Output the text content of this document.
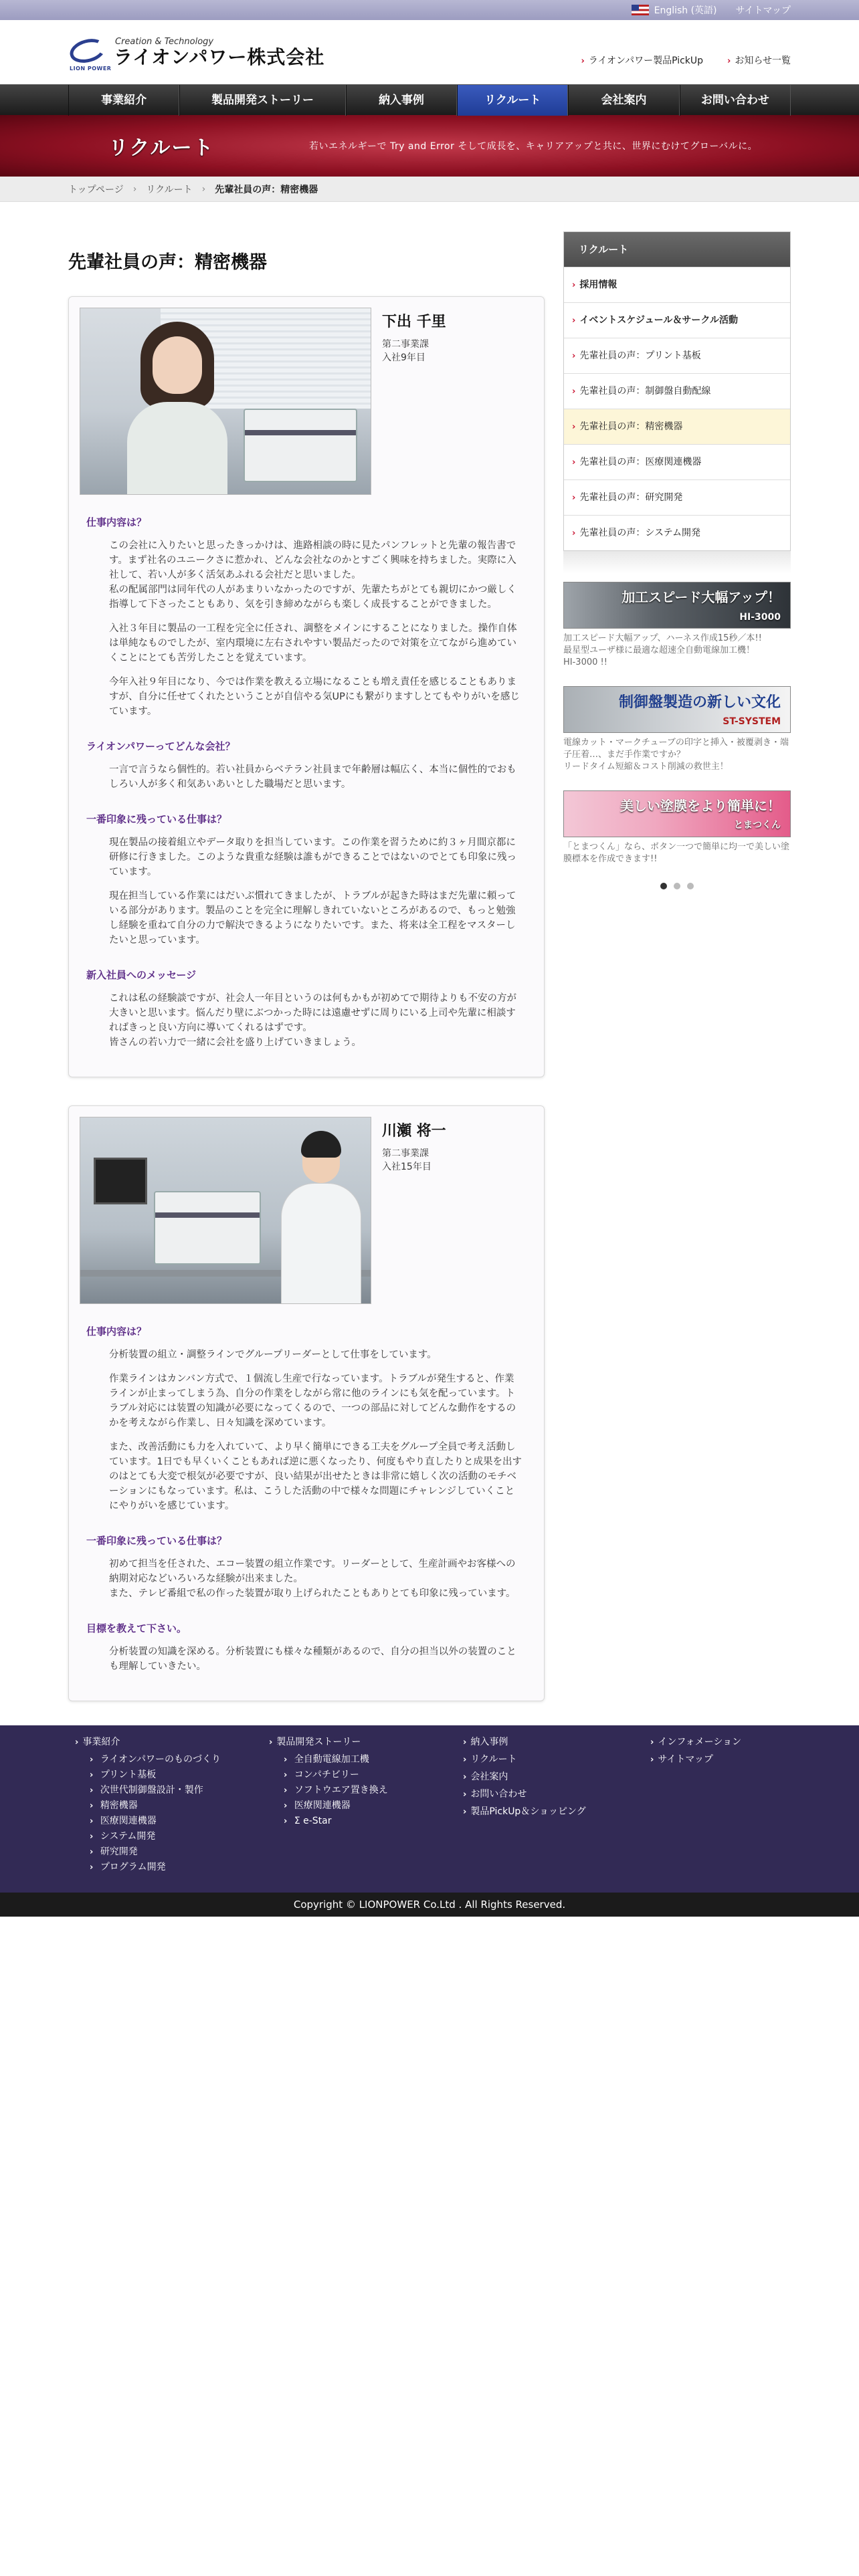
English (英語) サイトマップ
LION POWER
Creation & Technology
ライオンパワー株式会社	› ライオンパワー製品PickUp	› お知らせ一覧
事業紹介	製品開発ストーリー	納入事例	リクルート	会社案内	お問い合わせ
リクルート	若いエネルギーで Try and Error そして成長を、キャリアアップと共に、世界にむけてグローバルに。

トップページ › リクルート › 先輩社員の声：精密機器
先輩社員の声：精密機器
下出 千里
第二事業課
入社9年目
仕事内容は？

この会社に入りたいと思ったきっかけは、進路相談の時に見たパンフレットと先輩の報告書です。まず社名のユニークさに惹かれ、どんな会社なのかとすごく興味を持ちました。実際に入社して、若い人が多く活気あふれる会社だと思いました。
私の配属部門は同年代の人があまりいなかったのですが、先輩たちがとても親切にかつ厳しく指導して下さったこともあり、気を引き締めながらも楽しく成長することができました。

入社３年目に製品の一工程を完全に任され、調整をメインにすることになりました。操作自体は単純なものでしたが、室内環境に左右されやすい製品だったので対策を立てながら進めていくことにとても苦労したことを覚えています。

今年入社９年目になり、今では作業を教える立場になることも増え責任を感じることもありますが、自分に任せてくれたということが自信やる気UPにも繋がりますしとてもやりがいを感じています。

ライオンパワーってどんな会社？

一言で言うなら個性的。若い社員からベテラン社員まで年齢層は幅広く、本当に個性的でおもしろい人が多く和気あいあいとした職場だと思います。

一番印象に残っている仕事は？

現在製品の接着組立やデータ取りを担当しています。この作業を習うために約３ヶ月間京都に研修に行きました。このような貴重な経験は誰もができることではないのでとても印象に残っています。

現在担当している作業にはだいぶ慣れてきましたが、トラブルが起きた時はまだ先輩に頼っている部分があります。製品のことを完全に理解しきれていないところがあるので、もっと勉強し経験を重ねて自分の力で解決できるようになりたいです。また、将来は全工程をマスターしたいと思っています。

新入社員へのメッセージ

これは私の経験談ですが、社会人一年目というのは何もかもが初めてで期待よりも不安の方が大きいと思います。悩んだり壁にぶつかった時には遠慮せずに周りにいる上司や先輩に相談すればきっと良い方向に導いてくれるはずです。
皆さんの若い力で一緒に会社を盛り上げていきましょう。

川瀬 将一
第二事業課
入社15年目
仕事内容は？

分析装置の組立・調整ラインでグループリーダーとして仕事をしています。

作業ラインはカンバン方式で、１個流し生産で行なっています。トラブルが発生すると、作業ラインが止まってしまう為、自分の作業をしながら常に他のラインにも気を配っています。トラブル対応には装置の知識が必要になってくるので、一つの部品に対してどんな動作をするのかを考えながら作業し、日々知識を深めています。

また、改善活動にも力を入れていて、より早く簡単にできる工夫をグループ全員で考え活動しています。1日でも早くいくこともあれば逆に悪くなったり、何度もやり直したりと成果を出すのはとても大変で根気が必要ですが、良い結果が出せたときは非常に嬉しく次の活動のモチベーションにもなっています。私は、こうした活動の中で様々な問題にチャレンジしていくことにやりがいを感じています。

一番印象に残っている仕事は？

初めて担当を任された、エコー装置の組立作業です。リーダーとして、生産計画やお客様への納期対応などいろいろな経験が出来ました。
また、テレビ番組で私の作った装置が取り上げられたこともありとても印象に残っています。

目標を教えて下さい。

分析装置の知識を深める。分析装置にも様々な種類があるので、自分の担当以外の装置のことも理解していきたい。

リクルート
› 採用情報
› イベントスケジュール＆サークル活動
› 先輩社員の声：プリント基板
› 先輩社員の声：制御盤自動配線
› 先輩社員の声：精密機器
› 先輩社員の声：医療関連機器
› 先輩社員の声：研究開発
› 先輩社員の声：システム開発
加工スピード大幅アップ！
HI-3000

加工スピード大幅アップ、ハーネス作成15秒／本!!
最星型ユーザ様に最適な超速全自動電線加工機！
HI-3000 !!

制御盤製造の新しい文化
ST-SYSTEM

電線カット・マークチューブの印字と挿入・被覆剥き・端子圧着…、まだ手作業ですか？
リードタイム短縮＆コスト削減の救世主！

美しい塗膜をより簡単に！
とまつくん

「とまつくん」なら、ボタン一つで簡単に均一で美しい塗膜標本を作成できます!!

› 事業紹介
› ライオンパワーのものづくり
› プリント基板
› 次世代制御盤設計・製作
› 精密機器
› 医療関連機器
› システム開発
› 研究開発
› プログラム開発
› 製品開発ストーリー
› 全自動電線加工機
› コンパチビリー
› ソフトウエア置き換え
› 医療関連機器
› Σ e-Star
› 納入事例
› リクルート
› 会社案内
› お問い合わせ
› 製品PickUp＆ショッピング
› インフォメーション
› サイトマップ
Copyright © LIONPOWER Co.Ltd . All Rights Reserved.
